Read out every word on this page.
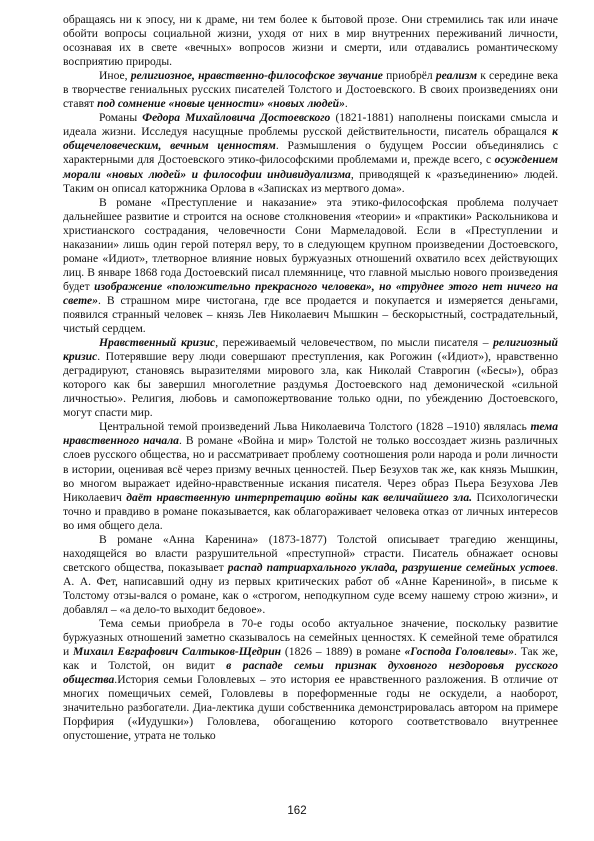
обращаясь ни к эпосу, ни к драме, ни тем более к бытовой прозе. Они стремились так или иначе обойти вопросы социальной жизни, уходя от них в мир внутренних переживаний личности, осознавая их в свете «вечных» вопросов жизни и смерти, или отдавались романтическому восприятию природы.

Иное, религиозное, нравственно-философское звучание приобрёл реализм к середине века в творчестве гениальных русских писателей Толстого и Достоевского. В своих произведениях они ставят под сомнение «новые ценности» «новых людей».

Романы Федора Михайловича Достоевского (1821-1881) наполнены поисками смысла и идеала жизни. Исследуя насущные проблемы русской действительности, писатель обращался к общечеловеческим, вечным ценностям. Размышления о будущем России объединялись с характерными для Достоевского этико-философскими проблемами и, прежде всего, с осуждением морали «новых людей» и философии индивидуализма, приводящей к «разъединению» людей. Таким он описал каторжника Орлова в «Записках из мертвого дома».

В романе «Преступление и наказание» эта этико-философская проблема получает дальнейшее развитие и строится на основе столкновения «теории» и «практики» Раскольникова и христианского сострадания, человечности Сони Мармеладовой. Если в «Преступлении и наказании» лишь один герой потерял веру, то в следующем крупном произведении Достоевского, романе «Идиот», тлетворное влияние новых буржуазных отношений охватило всех действующих лиц. В январе 1868 года Достоевский писал племяннице, что главной мыслью нового произведения будет изображение «положительно прекрасного человека», но «труднее этого нет ничего на свете». В страшном мире чистогана, где все продается и покупается и измеряется деньгами, появился странный человек – князь Лев Николаевич Мышкин – бескорыстный, сострадательный, чистый сердцем.

Нравственный кризис, переживаемый человечеством, по мысли писателя – религиозный кризис. Потерявшие веру люди совершают преступления, как Рогожин («Идиот»), нравственно деградируют, становясь выразителями мирового зла, как Николай Ставрогин («Бесы»), образ которого как бы завершил многолетние раздумья Достоевского над демонической «сильной личностью». Религия, любовь и самопожертвование только одни, по убеждению Достоевского, могут спасти мир.

Центральной темой произведений Льва Николаевича Толстого (1828 –1910) являлась тема нравственного начала. В романе «Война и мир» Толстой не только воссоздает жизнь различных слоев русского общества, но и рассматривает проблему соотношения роли народа и роли личности в истории, оценивая всё через призму вечных ценностей. Пьер Безухов так же, как князь Мышкин, во многом выражает идейно-нравственные искания писателя. Через образ Пьера Безухова Лев Николаевич даёт нравственную интерпретацию войны как величайшего зла. Психологически точно и правдиво в романе показывается, как облагораживает человека отказ от личных интересов во имя общего дела.

В романе «Анна Каренина» (1873-1877) Толстой описывает трагедию женщины, находящейся во власти разрушительной «преступной» страсти. Писатель обнажает основы светского общества, показывает распад патриархального уклада, разрушение семейных устоев. А. А. Фет, написавший одну из первых критических работ об «Анне Карениной», в письме к Толстому отзы-вался о романе, как о «строгом, неподкупном суде всему нашему строю жизни», и добавлял – «а дело-то выходит бедовое».

Тема семьи приобрела в 70-е годы особо актуальное значение, поскольку развитие буржуазных отношений заметно сказывалось на семейных ценностях. К семейной теме обратился и Михаил Евграфович Салтыков-Щедрин (1826 – 1889) в романе «Господа Головлевы». Так же, как и Толстой, он видит в распаде семьи признак духовного нездоровья русского общества.История семьи Головлевых – это история ее нравственного разложения. В отличие от многих помещичьих семей, Головлевы в пореформенные годы не оскудели, а наоборот, значительно разбогатели. Диа-лектика души собственника демонстрировалась автором на примере Порфирия («Иудушки») Головлева, обогащению которого соответствовало внутреннее опустошение, утрата не только

162
